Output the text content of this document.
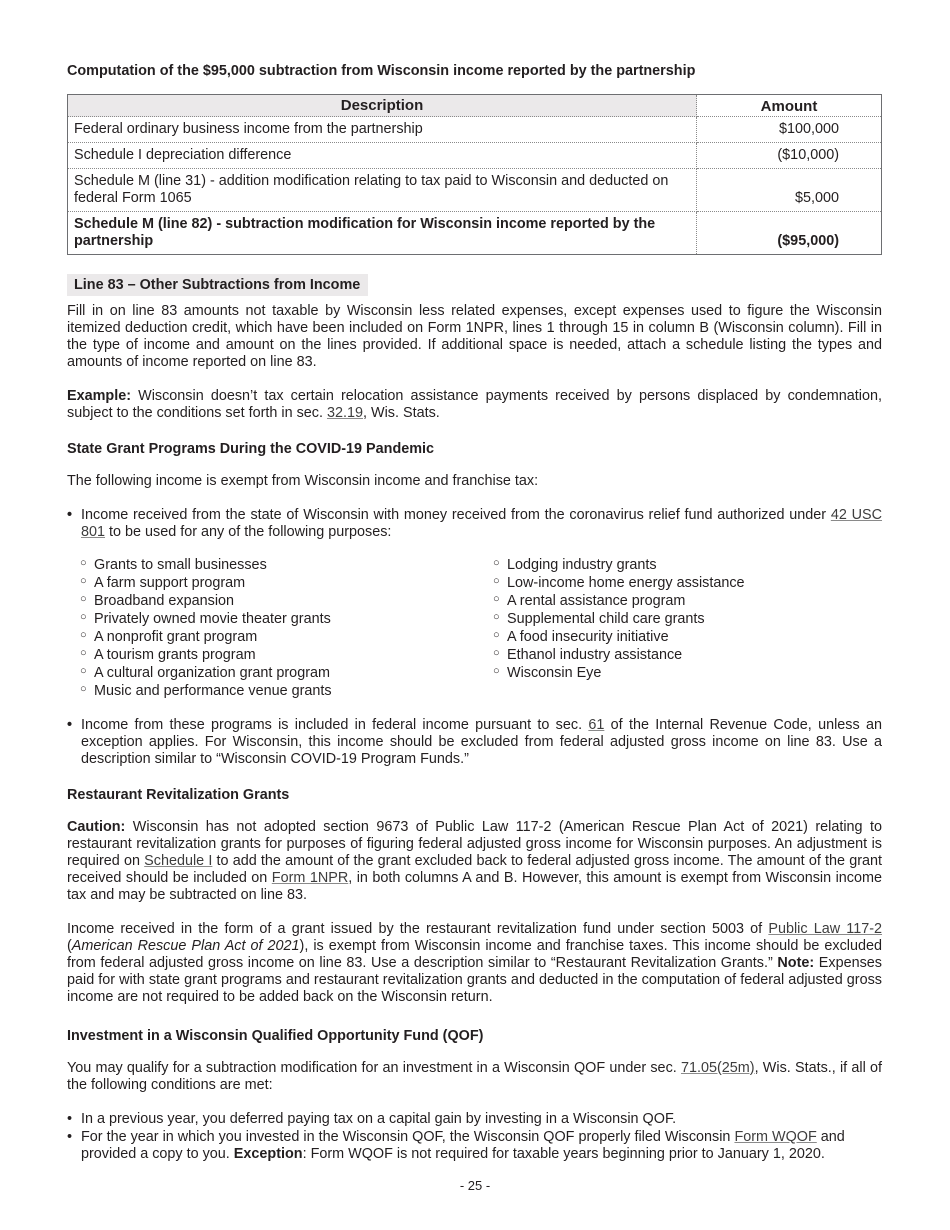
Computation of the $95,000 subtraction from Wisconsin income reported by the partnership
Description	Amount
Federal ordinary business income from the partnership	$100,000
Schedule I depreciation difference	($10,000)
Schedule M (line 31) - addition modification relating to tax paid to Wisconsin and deducted on federal Form 1065	$5,000
Schedule M (line 82) - subtraction modification for Wisconsin income reported by the partnership	($95,000)
Line 83 – Other Subtractions from Income

Fill in on line 83 amounts not taxable by Wisconsin less related expenses, except expenses used to figure the Wisconsin itemized deduction credit, which have been included on Form 1NPR, lines 1 through 15 in column B (Wisconsin column). Fill in the type of income and amount on the lines provided. If additional space is needed, attach a schedule listing the types and amounts of income reported on line 83.

Example: Wisconsin doesn’t tax certain relocation assistance payments received by persons displaced by condemnation, subject to the conditions set forth in sec. 32.19, Wis. Stats.

State Grant Programs During the COVID-19 Pandemic

The following income is exempt from Wisconsin income and franchise tax:

• Income received from the state of Wisconsin with money received from the coronavirus relief fund authorized under 42 USC 801 to be used for any of the following purposes:
○ Grants to small businesses
○ A farm support program
○ Broadband expansion
○ Privately owned movie theater grants
○ A nonprofit grant program
○ A tourism grants program
○ A cultural organization grant program
○ Music and performance venue grants
○ Lodging industry grants
○ Low-income home energy assistance
○ A rental assistance program
○ Supplemental child care grants
○ A food insecurity initiative
○ Ethanol industry assistance
○ Wisconsin Eye
• Income from these programs is included in federal income pursuant to sec. 61 of the Internal Revenue Code, unless an exception applies. For Wisconsin, this income should be excluded from federal adjusted gross income on line 83. Use a description similar to “Wisconsin COVID-19 Program Funds.”
Restaurant Revitalization Grants

Caution: Wisconsin has not adopted section 9673 of Public Law 117-2 (American Rescue Plan Act of 2021) relating to restaurant revitalization grants for purposes of figuring federal adjusted gross income for Wisconsin purposes. An adjustment is required on Schedule I to add the amount of the grant excluded back to federal adjusted gross income. The amount of the grant received should be included on Form 1NPR, in both columns A and B. However, this amount is exempt from Wisconsin income tax and may be subtracted on line 83.

Income received in the form of a grant issued by the restaurant revitalization fund under section 5003 of Public Law 117-2 (American Rescue Plan Act of 2021), is exempt from Wisconsin income and franchise taxes. This income should be excluded from federal adjusted gross income on line 83. Use a description similar to “Restaurant Revitalization Grants.” Note: Expenses paid for with state grant programs and restaurant revitalization grants and deducted in the computation of federal adjusted gross income are not required to be added back on the Wisconsin return.

Investment in a Wisconsin Qualified Opportunity Fund (QOF)

You may qualify for a subtraction modification for an investment in a Wisconsin QOF under sec. 71.05(25m), Wis. Stats., if all of the following conditions are met:

• In a previous year, you deferred paying tax on a capital gain by investing in a Wisconsin QOF.
• For the year in which you invested in the Wisconsin QOF, the Wisconsin QOF properly filed Wisconsin Form WQOF and provided a copy to you. Exception: Form WQOF is not required for taxable years beginning prior to January 1, 2020.
- 25 -
